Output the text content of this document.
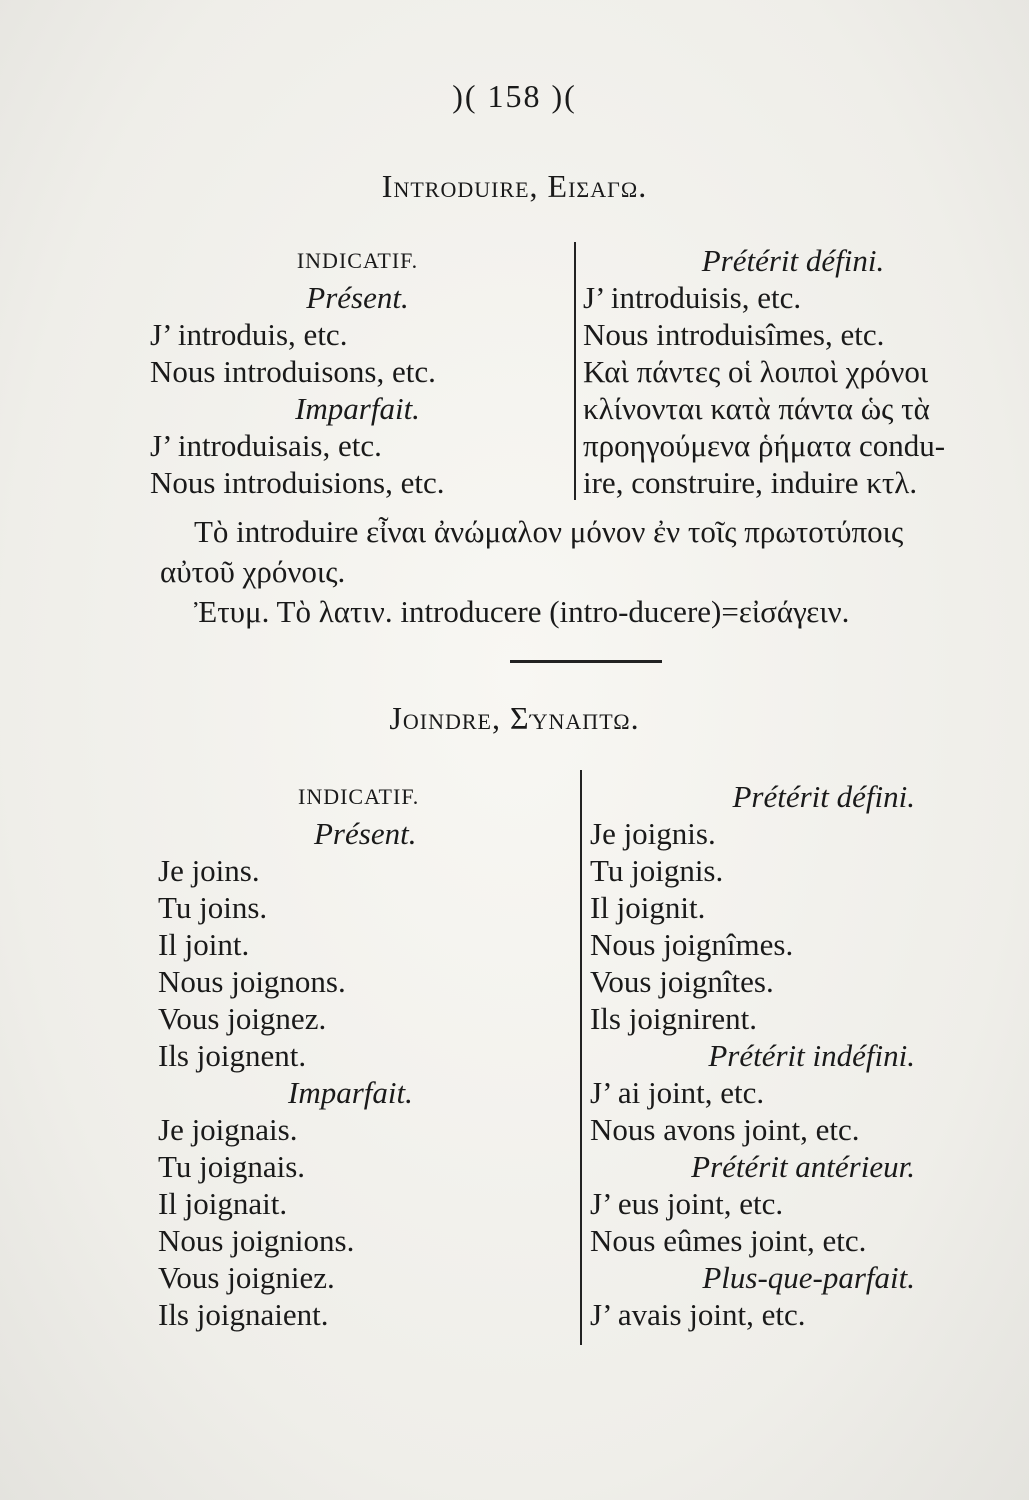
)( 158 )(
Introduire, Εισαγω.
INDICATIF.
Présent.
J’ introduis, etc.
Nous introduisons, etc.
Imparfait.
J’ introduisais, etc.
Nous introduisions, etc.
Prétérit défini.
J’ introduisis, etc.
Nous introduisîmes, etc.
Καὶ πάντες οἱ λοιποὶ χρόνοι
κλίνονται κατὰ πάντα ὡς τὰ
προηγούμενα ῥήματα condu-
ire, construire, induire κτλ.

Τὸ introduire εἶναι ἀνώμαλον μόνον ἐν τοῖς πρωτοτύποις

αὐτοῦ χρόνοις.

Ἐτυμ. Τὸ λατιν. introducere (intro-ducere)=εἰσάγειν.

Joindre, Σύναπτω.
INDICATIF.
Présent.
Je joins.
Tu joins.
Il joint.
Nous joignons.
Vous joignez.
Ils joignent.
Imparfait.
Je joignais.
Tu joignais.
Il joignait.
Nous joignions.
Vous joigniez.
Ils joignaient.
Prétérit défini.
Je joignis.
Tu joignis.
Il joignit.
Nous joignîmes.
Vous joignîtes.
Ils joignirent.
Prétérit indéfini.
J’ ai joint, etc.
Nous avons joint, etc.
Prétérit antérieur.
J’ eus joint, etc.
Nous eûmes joint, etc.
Plus-que-parfait.
J’ avais joint, etc.
